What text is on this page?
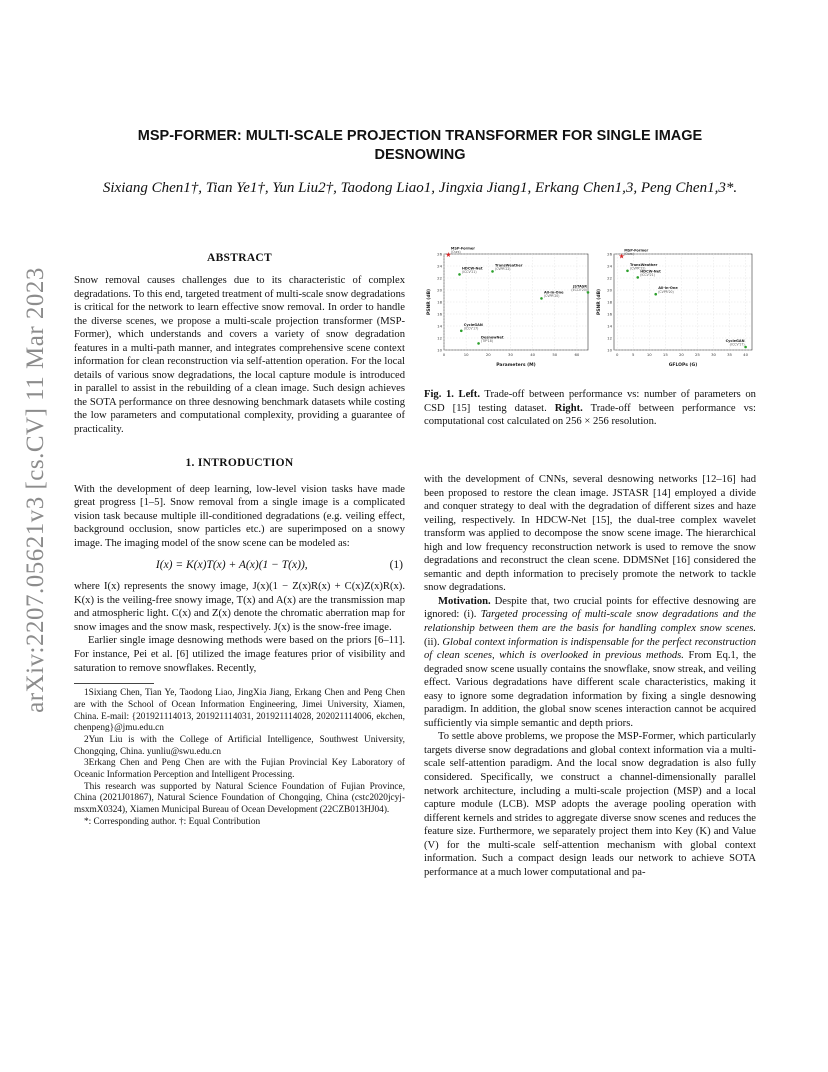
arXiv:2207.05621v3 [cs.CV] 11 Mar 2023
MSP-FORMER: MULTI-SCALE PROJECTION TRANSFORMER FOR SINGLE IMAGE
DESNOWING
Sixiang Chen1†, Tian Ye1†, Yun Liu2†, Taodong Liao1, Jingxia Jiang1, Erkang Chen1,3, Peng Chen1,3*.
ABSTRACT

Snow removal causes challenges due to its characteristic of complex degradations. To this end, targeted treatment of multi-scale snow degradations is critical for the network to learn effective snow removal. In order to handle the diverse scenes, we propose a multi-scale projection transformer (MSP-Former), which understands and covers a variety of snow degradation features in a multi-path manner, and integrates comprehensive scene context information for clean reconstruction via self-attention operation. For the local details of various snow degradations, the local capture module is introduced in parallel to assist in the rebuilding of a clean image. Such design achieves the SOTA performance on three desnowing benchmark datasets while costing the low parameters and computational complexity, providing a guarantee of practicality.

1. INTRODUCTION

With the development of deep learning, low-level vision tasks have made great progress [1–5]. Snow removal from a single image is a complicated vision task because multiple ill-conditioned degradations (e.g. veiling effect, background occlusion, snow particles etc.) are superimposed on a snowy image. The imaging model of the snow scene can be modeled as:

I(x) = K(x)T(x) + A(x)(1 − T(x)),	(1)

where I(x) represents the snowy image, J(x)(1 − Z(x)R(x) + C(x)Z(x)R(x). K(x) is the veiling-free snowy image, T(x) and A(x) are the transmission map and atmospheric light. C(x) and Z(x) denote the chromatic aberration map for snow images and the snow mask, respectively. J(x) is the snow-free image.

Earlier single image desnowing methods were based on the priors [6–11]. For instance, Pei et al. [6] utilized the image features prior of visibility and saturation to remove snowflakes. Recently,

1Sixiang Chen, Tian Ye, Taodong Liao, JingXia Jiang, Erkang Chen and Peng Chen are with the School of Ocean Information Engineering, Jimei University, Xiamen, China. E-mail: {201921114013, 201921114031, 201921114028, 202021114006, ekchen, chenpeng}@jmu.edu.cn

2Yun Liu is with the College of Artificial Intelligence, Southwest University, Chongqing, China. yunliu@swu.edu.cn

3Erkang Chen and Peng Chen are with the Fujian Provincial Key Laboratory of Oceanic Information Perception and Intelligent Processing.

This research was supported by Natural Science Foundation of Fujian Province, China (2021J01867), Natural Science Foundation of Chongqing, China (cstc2020jcyj-msxmX0324), Xiamen Municipal Bureau of Ocean Development (22CZB013HJ04).

*: Corresponding author. †: Equal Contribution

10
12
14
16
18
20
22
24
26
0	10	20	30	40	50	60
Parameters (M)
PSNR (dB)
★
MSP-Former
(Ours)
TransWeather
(CVPR'22)
HDCW-Net
(ICCV'21)
JSTASR
(ECCV'20)
All-in-One
(CVPR'20)
CycleGAN
(ICCV'17)
DesnowNet
(TIP'18)
10
12
14
16
18
20
22
24
26
0	5	10	15	20	25	30	35	40
GFLOPs (G)
PSNR (dB)
★
MSP-Former
(Ours)
TransWeather
(CVPR'22)
HDCW-Net
(ICCV'21)
All-in-One
(CVPR'20)
CycleGAN
(ICCV'17)
Fig. 1. Left. Trade-off between performance vs: number of parameters on CSD [15] testing dataset. Right. Trade-off between performance vs: computational cost calculated on 256 × 256 resolution.

with the development of CNNs, several desnowing networks [12–16] had been proposed to restore the clean image. JSTASR [14] employed a divide and conquer strategy to deal with the degradation of different sizes and haze veiling, respectively. In HDCW-Net [15], the dual-tree complex wavelet transform was applied to decompose the snow scene image. The hierarchical high and low frequency reconstruction network is used to remove the snow degradations and reconstruct the clean scene. DDMSNet [16] considered the semantic and depth information to precisely promote the network to tackle snow degradations.

Motivation. Despite that, two crucial points for effective desnowing are ignored: (i). Targeted processing of multi-scale snow degradations and the relationship between them are the basis for handling complex snow scenes. (ii). Global context information is indispensable for the perfect reconstruction of clean scenes, which is overlooked in previous methods. From Eq.1, the degraded snow scene usually contains the snowflake, snow streak, and veiling effect. Various degradations have different scale characteristics, making it easy to ignore some degradation information by fixing a single desnowing paradigm. In addition, the global snow scenes interaction cannot be acquired sufficiently via simple semantic and depth priors.

To settle above problems, we propose the MSP-Former, which particularly targets diverse snow degradations and global context information via a multi-scale self-attention paradigm. And the local snow degradation is also fully considered. Specifically, we construct a channel-dimensionally parallel network architecture, including a multi-scale projection (MSP) and a local capture module (LCB). MSP adopts the average pooling operation with different kernels and strides to aggregate diverse snow scenes and reduces the feature size. Furthermore, we separately project them into Key (K) and Value (V) for the multi-scale self-attention mechanism with global context information. Such a compact design leads our network to achieve SOTA performance at a much lower computational and pa-
